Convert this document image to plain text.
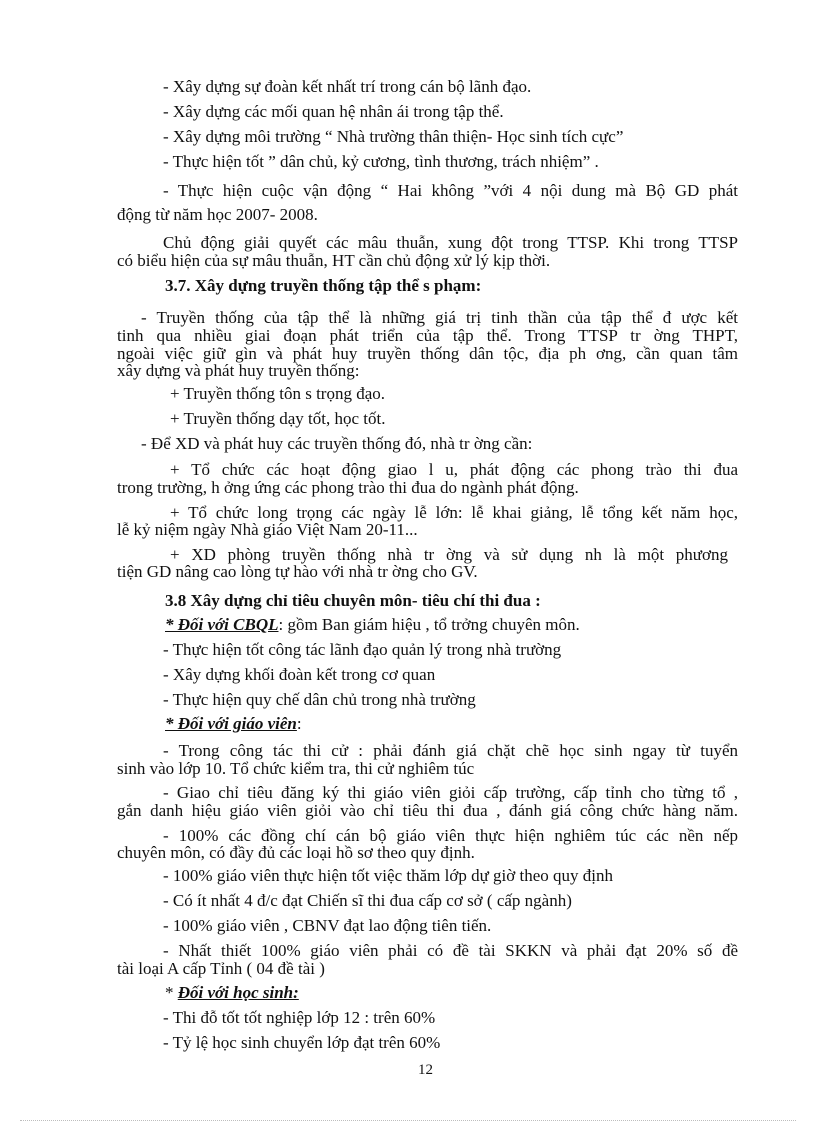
- Xây dựng sự đoàn kết nhất trí trong cán bộ lãnh đạo.
- Xây dựng các mối quan hệ nhân ái trong tập thể.
- Xây dựng môi trường “ Nhà trường thân thiện- Học sinh tích cực”
- Thực hiện tốt ” dân chủ, kỷ cương, tình thương, trách nhiệm” .
- Thực hiện cuộc vận động “ Hai không ”với 4 nội dung mà Bộ GD phát
động từ năm học 2007- 2008.
Chủ động giải quyết các mâu thuẫn, xung đột trong TTSP. Khi trong TTSP
có biểu hiện của sự mâu thuẫn, HT cần chủ động xử lý kịp thời.
3.7. Xây dựng truyền thống tập thể s phạm:
- Truyền thống của tập thể là những giá trị tinh thần của tập thể đ ược kết
tinh qua nhiều giai đoạn phát triển của tập thể. Trong TTSP tr ờng THPT,
ngoài việc giữ gìn và phát huy truyền thống dân tộc, địa ph ơng, cần quan tâm
xây dựng và phát huy truyền thống:
+ Truyền thống tôn s trọng đạo.
+ Truyền thống dạy tốt, học tốt.
- Để XD và phát huy các truyền thống đó, nhà tr ờng cần:
+ Tổ chức các hoạt động giao l u, phát động các phong trào thi đua
trong trường, h ởng ứng các phong trào thi đua do ngành phát động.
+ Tổ chức long trọng các ngày lễ lớn: lễ khai giảng, lễ tổng kết năm học,
lễ kỷ niệm ngày Nhà giáo Việt Nam 20-11...
+ XD phòng truyền thống nhà tr ờng và sử dụng nh là một phương
tiện GD nâng cao lòng tự hào với nhà tr ờng cho GV.
3.8 Xây dựng chỉ tiêu chuyên môn- tiêu chí thi đua :
* Đối với CBQL: gồm Ban giám hiệu , tổ trởng chuyên môn.
- Thực hiện tốt công tác lãnh đạo quản lý trong nhà trường
- Xây dựng khối đoàn kết trong cơ quan
- Thực hiện quy chế dân chủ trong nhà trường
* Đối với giáo viên:
- Trong công tác thi cử : phải đánh giá chặt chẽ học sinh ngay từ tuyển
sinh vào lớp 10. Tổ chức kiểm tra, thi cử nghiêm túc
- Giao chỉ tiêu đăng ký thi giáo viên giỏi cấp trường, cấp tỉnh cho từng tổ ,
gắn danh hiệu giáo viên giỏi vào chỉ tiêu thi đua , đánh giá công chức hàng năm.
- 100% các đồng chí cán bộ giáo viên thực hiện nghiêm túc các nền nếp
chuyên môn, có đầy đủ các loại hồ sơ theo quy định.
- 100% giáo viên thực hiện tốt việc thăm lớp dự giờ theo quy định
- Có ít nhất 4 đ/c đạt Chiến sĩ thi đua cấp cơ sở ( cấp ngành)
- 100% giáo viên , CBNV đạt lao động tiên tiến.
- Nhất thiết 100% giáo viên phải có đề tài SKKN và phải đạt 20% số đề
tài loại A cấp Tỉnh ( 04 đề tài )
* Đối với học sinh:
- Thi đỗ tốt tốt nghiệp lớp 12 : trên 60%
- Tỷ lệ học sinh chuyển lớp đạt trên 60%
12
